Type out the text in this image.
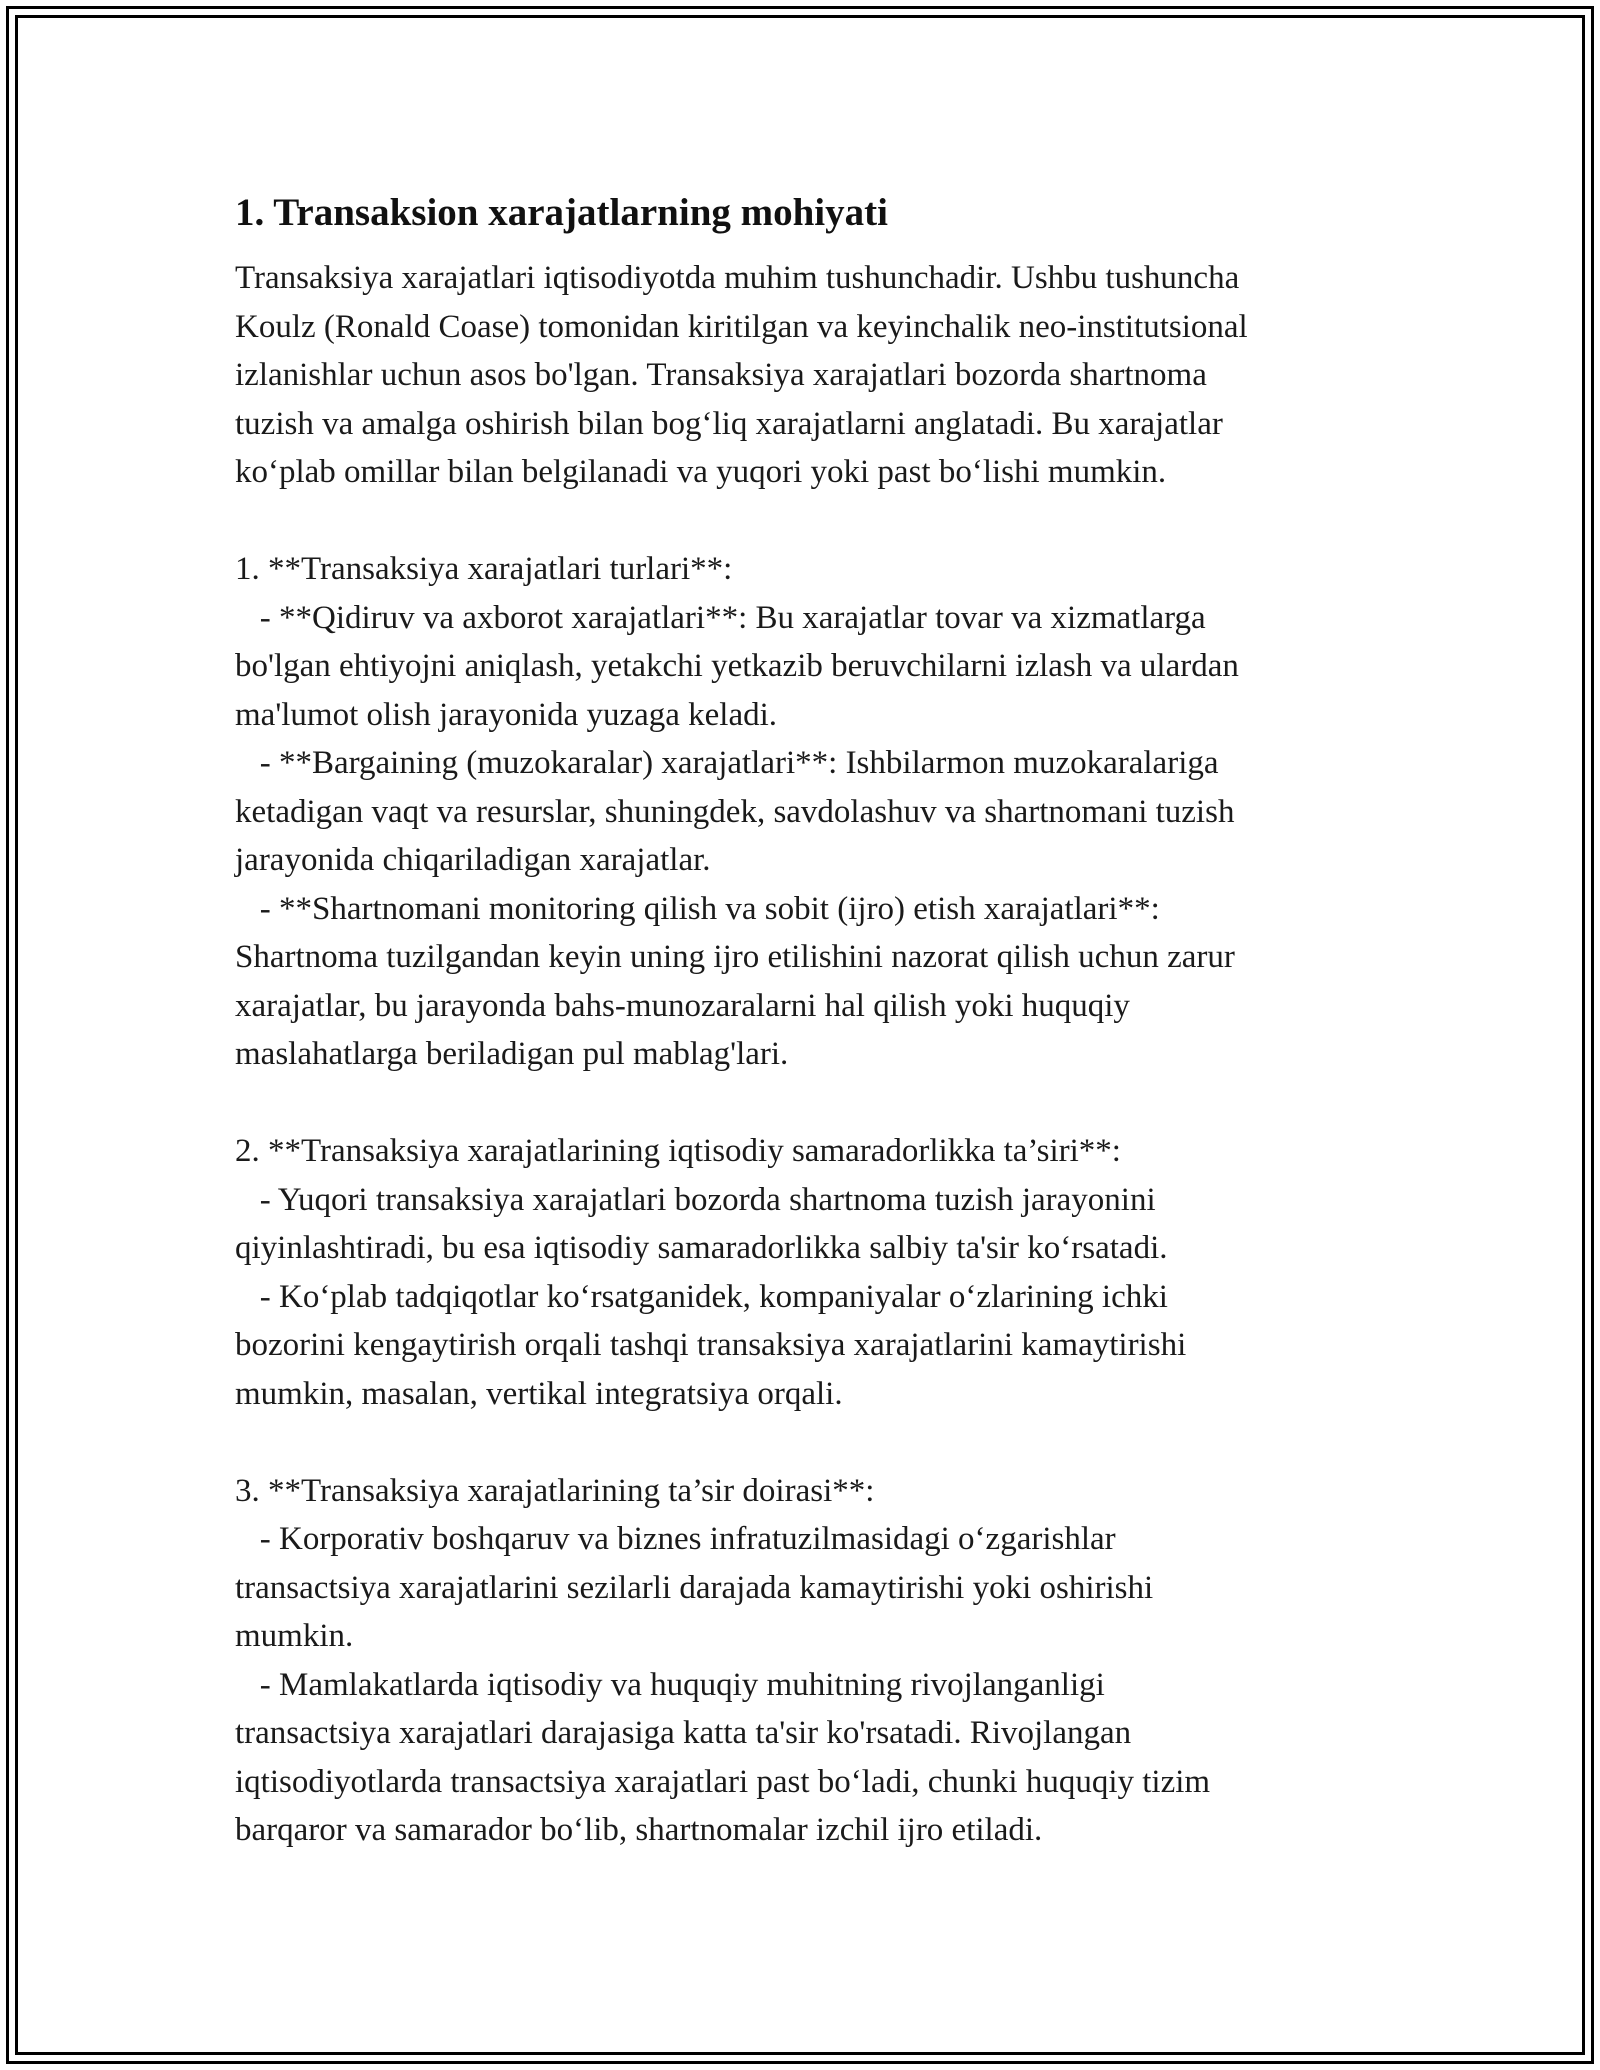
1. Transaksion xarajatlarning mohiyati
Transaksiya xarajatlari iqtisodiyotda muhim tushunchadir. Ushbu tushuncha
Koulz (Ronald Coase) tomonidan kiritilgan va keyinchalik neo-institutsional
izlanishlar uchun asos bo'lgan. Transaksiya xarajatlari bozorda shartnoma
tuzish va amalga oshirish bilan bog‘liq xarajatlarni anglatadi. Bu xarajatlar
ko‘plab omillar bilan belgilanadi va yuqori yoki past bo‘lishi mumkin.
1. **Transaksiya xarajatlari turlari**:
- **Qidiruv va axborot xarajatlari**: Bu xarajatlar tovar va xizmatlarga
bo'lgan ehtiyojni aniqlash, yetakchi yetkazib beruvchilarni izlash va ulardan
ma'lumot olish jarayonida yuzaga keladi.
- **Bargaining (muzokaralar) xarajatlari**: Ishbilarmon muzokaralariga
ketadigan vaqt va resurslar, shuningdek, savdolashuv va shartnomani tuzish
jarayonida chiqariladigan xarajatlar.
- **Shartnomani monitoring qilish va sobit (ijro) etish xarajatlari**:
Shartnoma tuzilgandan keyin uning ijro etilishini nazorat qilish uchun zarur
xarajatlar, bu jarayonda bahs-munozaralarni hal qilish yoki huquqiy
maslahatlarga beriladigan pul mablag'lari.
2. **Transaksiya xarajatlarining iqtisodiy samaradorlikka ta’siri**:
- Yuqori transaksiya xarajatlari bozorda shartnoma tuzish jarayonini
qiyinlashtiradi, bu esa iqtisodiy samaradorlikka salbiy ta'sir ko‘rsatadi.
- Ko‘plab tadqiqotlar ko‘rsatganidek, kompaniyalar o‘zlarining ichki
bozorini kengaytirish orqali tashqi transaksiya xarajatlarini kamaytirishi
mumkin, masalan, vertikal integratsiya orqali.
3. **Transaksiya xarajatlarining ta’sir doirasi**:
- Korporativ boshqaruv va biznes infratuzilmasidagi o‘zgarishlar
transactsiya xarajatlarini sezilarli darajada kamaytirishi yoki oshirishi
mumkin.
- Mamlakatlarda iqtisodiy va huquqiy muhitning rivojlanganligi
transactsiya xarajatlari darajasiga katta ta'sir ko'rsatadi. Rivojlangan
iqtisodiyotlarda transactsiya xarajatlari past bo‘ladi, chunki huquqiy tizim
barqaror va samarador bo‘lib, shartnomalar izchil ijro etiladi.
